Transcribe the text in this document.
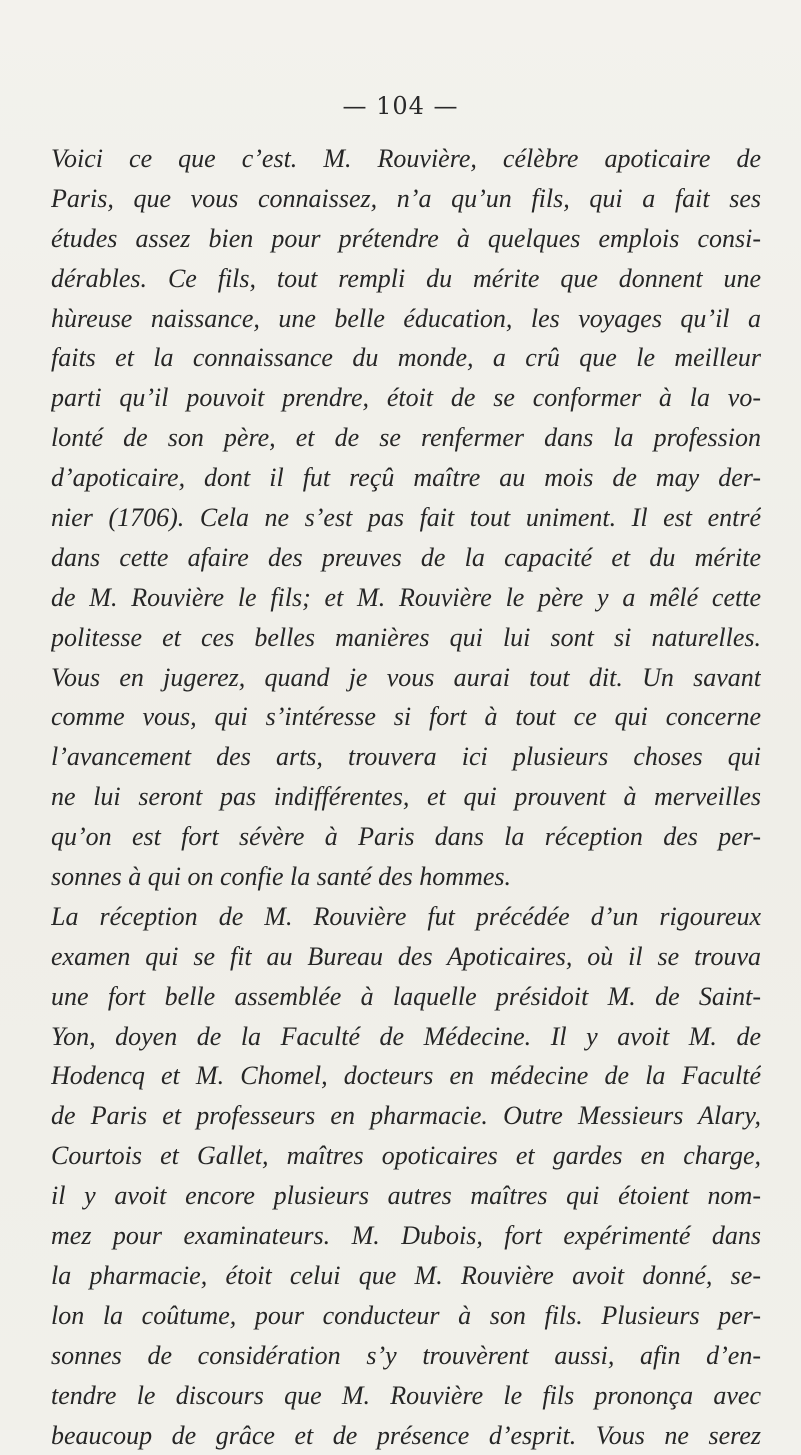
— 104 —
Voici ce que c’est. M. Rouvière, célèbre apoticaire de
Paris, que vous connaissez, n’a qu’un fils, qui a fait ses
études assez bien pour prétendre à quelques emplois consi-
dérables. Ce fils, tout rempli du mérite que donnent une
hùreuse naissance, une belle éducation, les voyages qu’il a
faits et la connaissance du monde, a crû que le meilleur
parti qu’il pouvoit prendre, étoit de se conformer à la vo-
lonté de son père, et de se renfermer dans la profession
d’apoticaire, dont il fut reçû maître au mois de may der-
nier (1706). Cela ne s’est pas fait tout uniment. Il est entré
dans cette afaire des preuves de la capacité et du mérite
de M. Rouvière le fils; et M. Rouvière le père y a mêlé cette
politesse et ces belles manières qui lui sont si naturelles.
Vous en jugerez, quand je vous aurai tout dit. Un savant
comme vous, qui s’intéresse si fort à tout ce qui concerne
l’avancement des arts, trouvera ici plusieurs choses qui
ne lui seront pas indifférentes, et qui prouvent à merveilles
qu’on est fort sévère à Paris dans la réception des per-
sonnes à qui on confie la santé des hommes.
La réception de M. Rouvière fut précédée d’un rigoureux
examen qui se fit au Bureau des Apoticaires, où il se trouva
une fort belle assemblée à laquelle présidoit M. de Saint-
Yon, doyen de la Faculté de Médecine. Il y avoit M. de
Hodencq et M. Chomel, docteurs en médecine de la Faculté
de Paris et professeurs en pharmacie. Outre Messieurs Alary,
Courtois et Gallet, maîtres opoticaires et gardes en charge,
il y avoit encore plusieurs autres maîtres qui étoient nom-
mez pour examinateurs. M. Dubois, fort expérimenté dans
la pharmacie, étoit celui que M. Rouvière avoit donné, se-
lon la coûtume, pour conducteur à son fils. Plusieurs per-
sonnes de considération s’y trouvèrent aussi, afin d’en-
tendre le discours que M. Rouvière le fils prononça avec
beaucoup de grâce et de présence d’esprit. Vous ne serez
